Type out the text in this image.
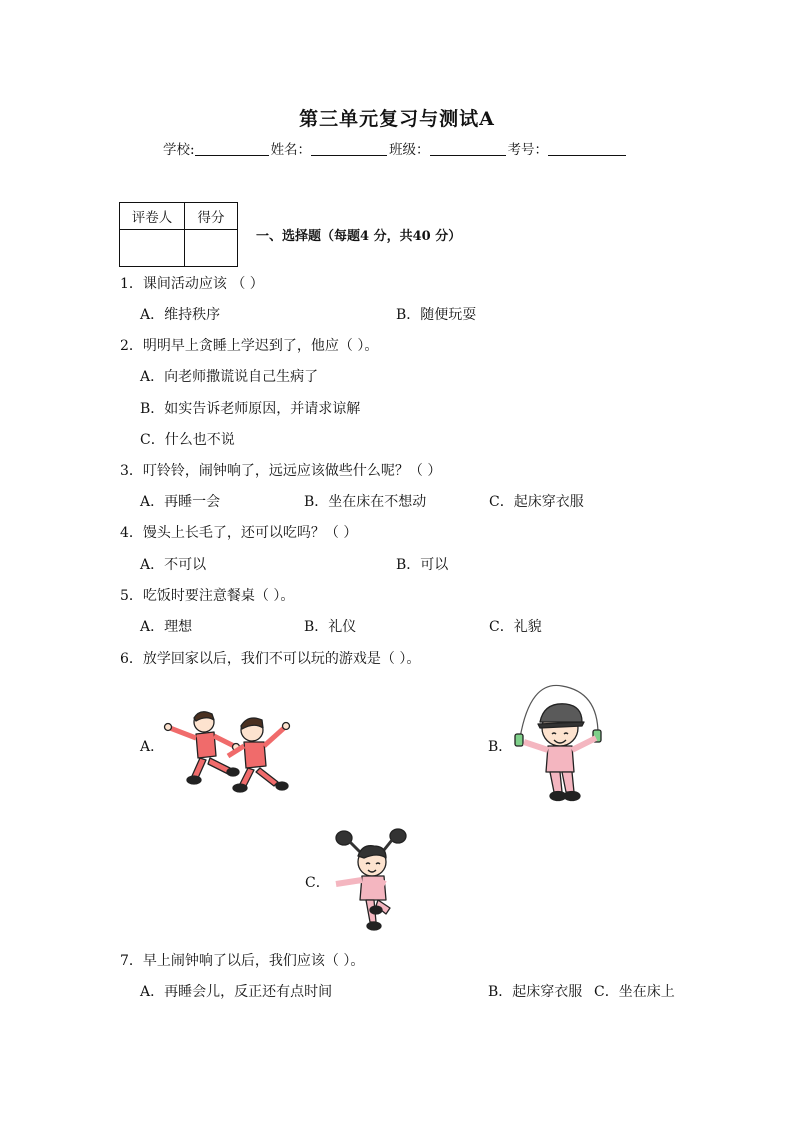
第三单元复习与测试A
学校:	姓名：	班级：	考号：
评卷人	得分

一、选择题（每题4 分，共40 分）
1．课间活动应该 （ ）
A．维持秩序	B．随便玩耍
2．明明早上贪睡上学迟到了，他应（ ）。
A．向老师撒谎说自己生病了
B．如实告诉老师原因，并请求谅解
C．什么也不说
3．叮铃铃，闹钟响了，远远应该做些什么呢？（ ）
A．再睡一会	B．坐在床在不想动	C．起床穿衣服
4．馒头上长毛了，还可以吃吗？（ ）
A．不可以	B．可以
5．吃饭时要注意餐桌（ ）。
A．理想	B．礼仪	C．礼貌
6．放学回家以后，我们不可以玩的游戏是（ ）。
A．	B．
C．
7．早上闹钟响了以后，我们应该（ ）。
A．再睡会儿，反正还有点时间	B．起床穿衣服 C．坐在床上
